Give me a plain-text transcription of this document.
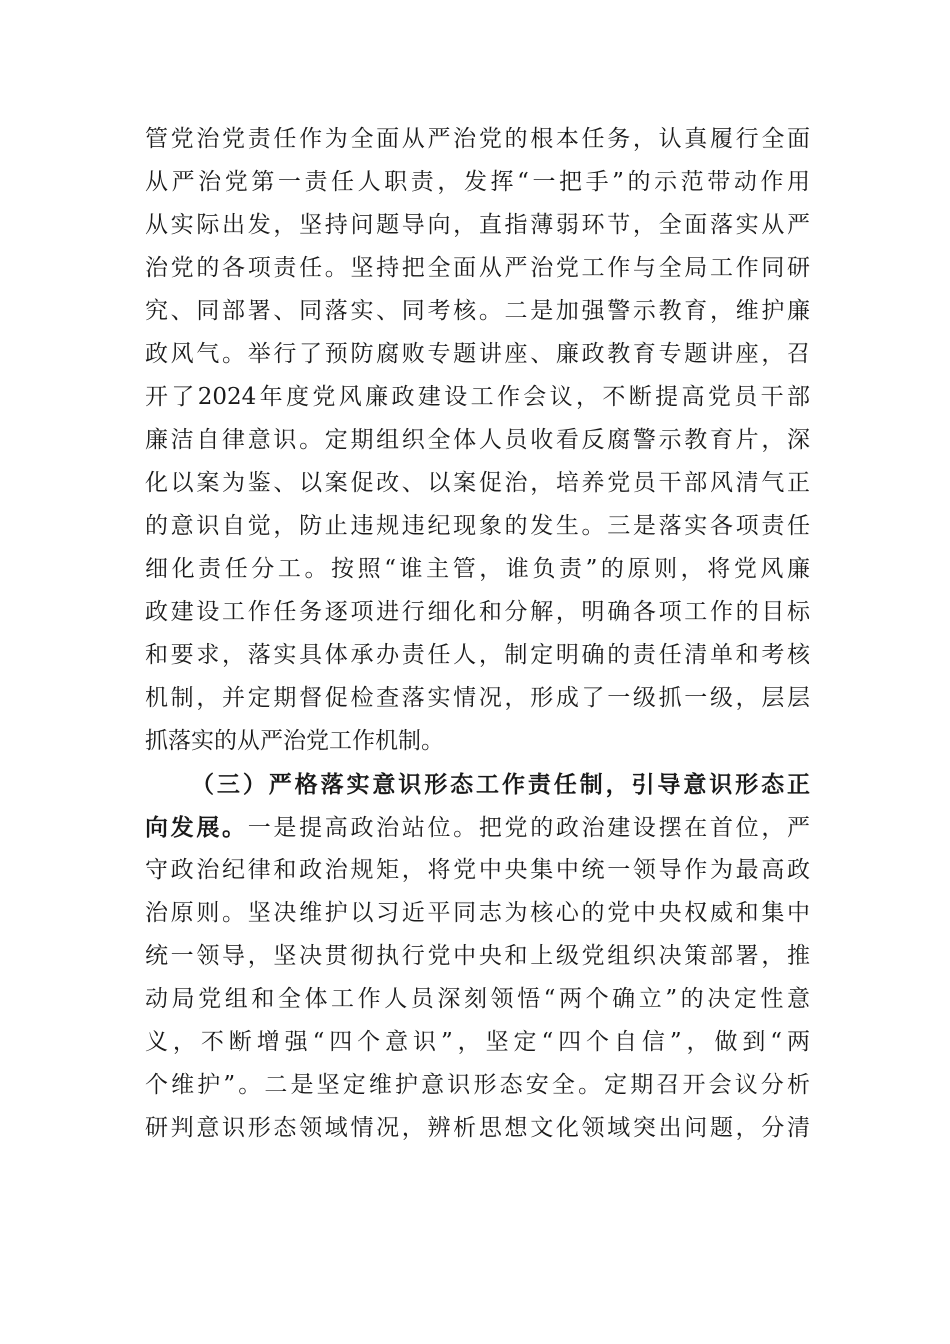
管党治党责任作为全面从严治党的根本任务，认真履行全面
从严治党第一责任人职责，发挥“一把手”的示范带动作用
从实际出发，坚持问题导向，直指薄弱环节，全面落实从严
治党的各项责任。坚持把全面从严治党工作与全局工作同研
究、同部署、同落实、同考核。二是加强警示教育，维护廉
政风气。举行了预防腐败专题讲座、廉政教育专题讲座，召
开了2024年度党风廉政建设工作会议，不断提高党员干部
廉洁自律意识。定期组织全体人员收看反腐警示教育片，深
化以案为鉴、以案促改、以案促治，培养党员干部风清气正
的意识自觉，防止违规违纪现象的发生。三是落实各项责任
细化责任分工。按照“谁主管，谁负责”的原则，将党风廉
政建设工作任务逐项进行细化和分解，明确各项工作的目标
和要求，落实具体承办责任人，制定明确的责任清单和考核
机制，并定期督促检查落实情况，形成了一级抓一级，层层
抓落实的从严治党工作机制。
（三）严格落实意识形态工作责任制，引导意识形态正
向发展。一是提高政治站位。把党的政治建设摆在首位，严
守政治纪律和政治规矩，将党中央集中统一领导作为最高政
治原则。坚决维护以习近平同志为核心的党中央权威和集中
统一领导，坚决贯彻执行党中央和上级党组织决策部署，推
动局党组和全体工作人员深刻领悟“两个确立”的决定性意
义，不断增强“四个意识”，坚定“四个自信”，做到“两
个维护”。二是坚定维护意识形态安全。定期召开会议分析
研判意识形态领域情况，辨析思想文化领域突出问题，分清
